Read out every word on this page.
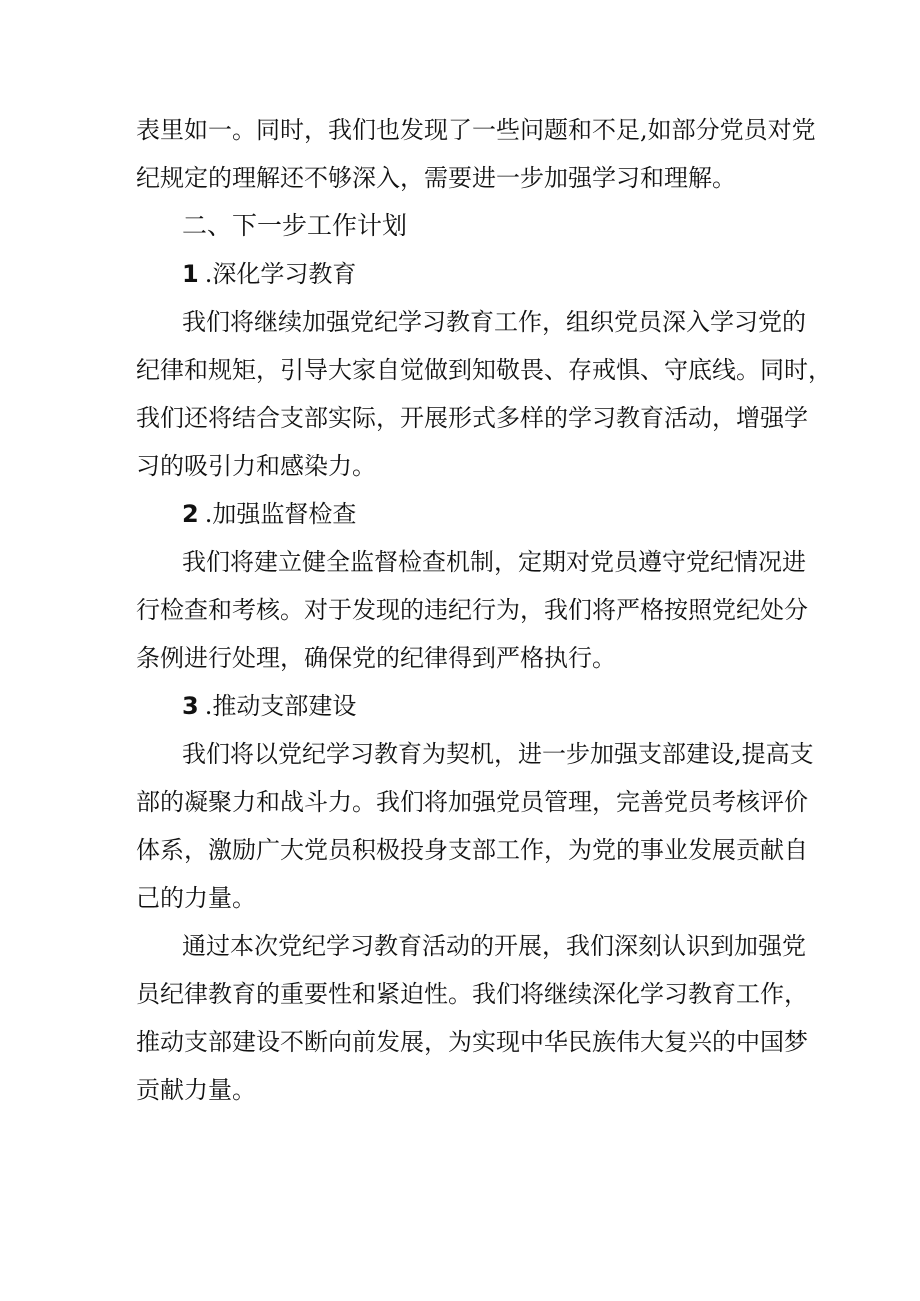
表里如一。同时，我们也发现了一些问题和不足,如部分党员对党
纪规定的理解还不够深入，需要进一步加强学习和理解。
二、下一步工作计划
1 .深化学习教育
我们将继续加强党纪学习教育工作，组织党员深入学习党的
纪律和规矩，引导大家自觉做到知敬畏、存戒惧、守底线。同时，
我们还将结合支部实际，开展形式多样的学习教育活动，增强学
习的吸引力和感染力。
2 .加强监督检查
我们将建立健全监督检查机制，定期对党员遵守党纪情况进
行检查和考核。对于发现的违纪行为，我们将严格按照党纪处分
条例进行处理，确保党的纪律得到严格执行。
3 .推动支部建设
我们将以党纪学习教育为契机，进一步加强支部建设,提高支
部的凝聚力和战斗力。我们将加强党员管理，完善党员考核评价
体系，激励广大党员积极投身支部工作，为党的事业发展贡献自
己的力量。
通过本次党纪学习教育活动的开展，我们深刻认识到加强党
员纪律教育的重要性和紧迫性。我们将继续深化学习教育工作，
推动支部建设不断向前发展，为实现中华民族伟大复兴的中国梦
贡献力量。
